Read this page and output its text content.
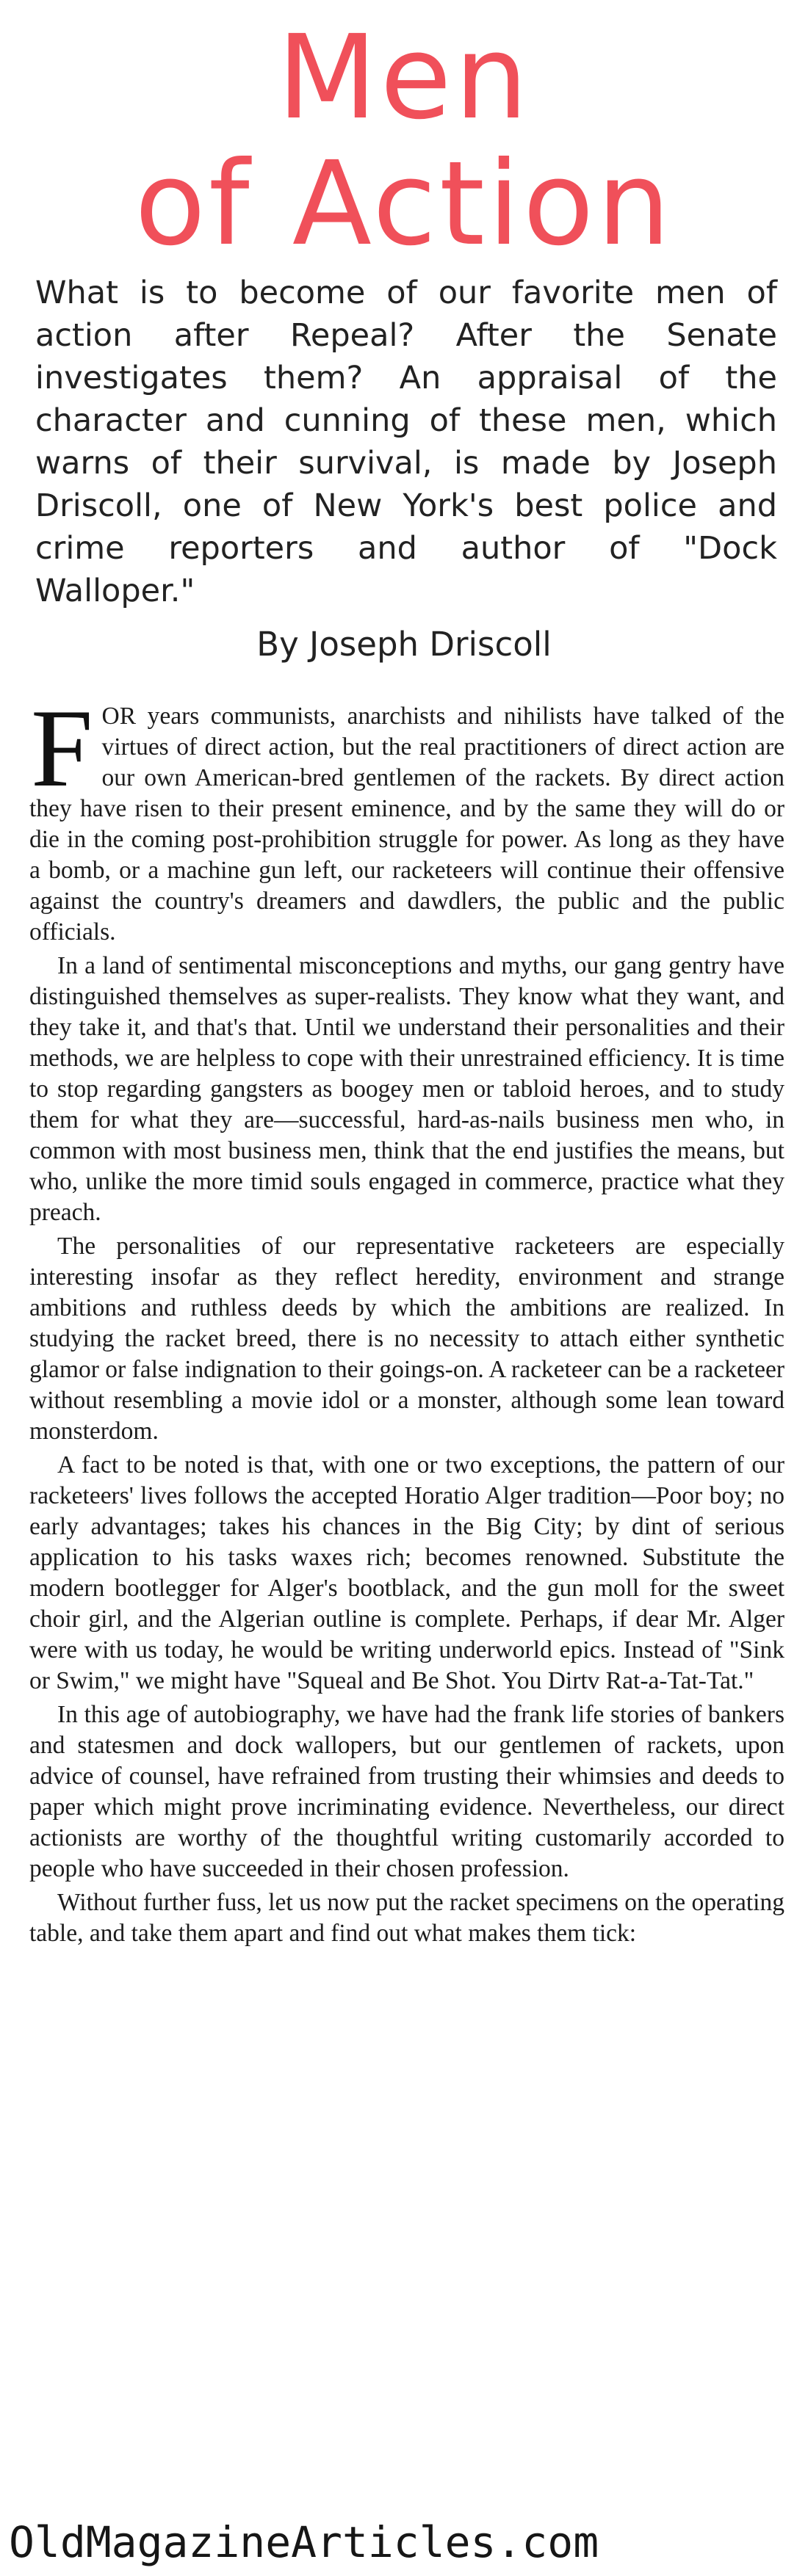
Men
of Action

What is to become of our favorite men of action after Repeal? After the Senate investigates them? An appraisal of the character and cunning of these men, which warns of their survival, is made by Joseph Driscoll, one of New York's best police and crime reporters and author of "Dock Walloper."

By Joseph Driscoll

FOR years communists, anarchists and nihilists have talked of the virtues of direct action, but the real practitioners of direct action are our own American-bred gentlemen of the rackets. By direct action they have risen to their present eminence, and by the same they will do or die in the coming post-prohibition struggle for power. As long as they have a bomb, or a machine gun left, our racketeers will continue their offensive against the country's dreamers and dawdlers, the public and the public officials.

In a land of sentimental misconceptions and myths, our gang gentry have distinguished themselves as super-realists. They know what they want, and they take it, and that's that. Until we understand their personalities and their methods, we are helpless to cope with their unrestrained efficiency. It is time to stop regarding gangsters as boogey men or tabloid heroes, and to study them for what they are—successful, hard-as-nails business men who, in common with most business men, think that the end justifies the means, but who, unlike the more timid souls engaged in commerce, practice what they preach.

The personalities of our representative racketeers are especially interesting insofar as they reflect heredity, environment and strange ambitions and ruthless deeds by which the ambitions are realized. In studying the racket breed, there is no necessity to attach either synthetic glamor or false indignation to their goings-on. A racketeer can be a racketeer without resembling a movie idol or a monster, although some lean toward monsterdom.

A fact to be noted is that, with one or two exceptions, the pattern of our racketeers' lives follows the accepted Horatio Alger tradition—Poor boy; no early advantages; takes his chances in the Big City; by dint of serious application to his tasks waxes rich; becomes renowned. Substitute the modern bootlegger for Alger's bootblack, and the gun moll for the sweet choir girl, and the Algerian outline is complete. Perhaps, if dear Mr. Alger were with us today, he would be writing underworld epics. Instead of "Sink or Swim," we might have "Squeal and Be Shot. You Dirtv Rat-a-Tat-Tat."

In this age of autobiography, we have had the frank life stories of bankers and statesmen and dock wallopers, but our gentlemen of rackets, upon advice of counsel, have refrained from trusting their whimsies and deeds to paper which might prove incriminating evidence. Nevertheless, our direct actionists are worthy of the thoughtful writing customarily accorded to people who have succeeded in their chosen profession.

Without further fuss, let us now put the racket specimens on the operating table, and take them apart and find out what makes them tick:

OldMagazineArticles.com
